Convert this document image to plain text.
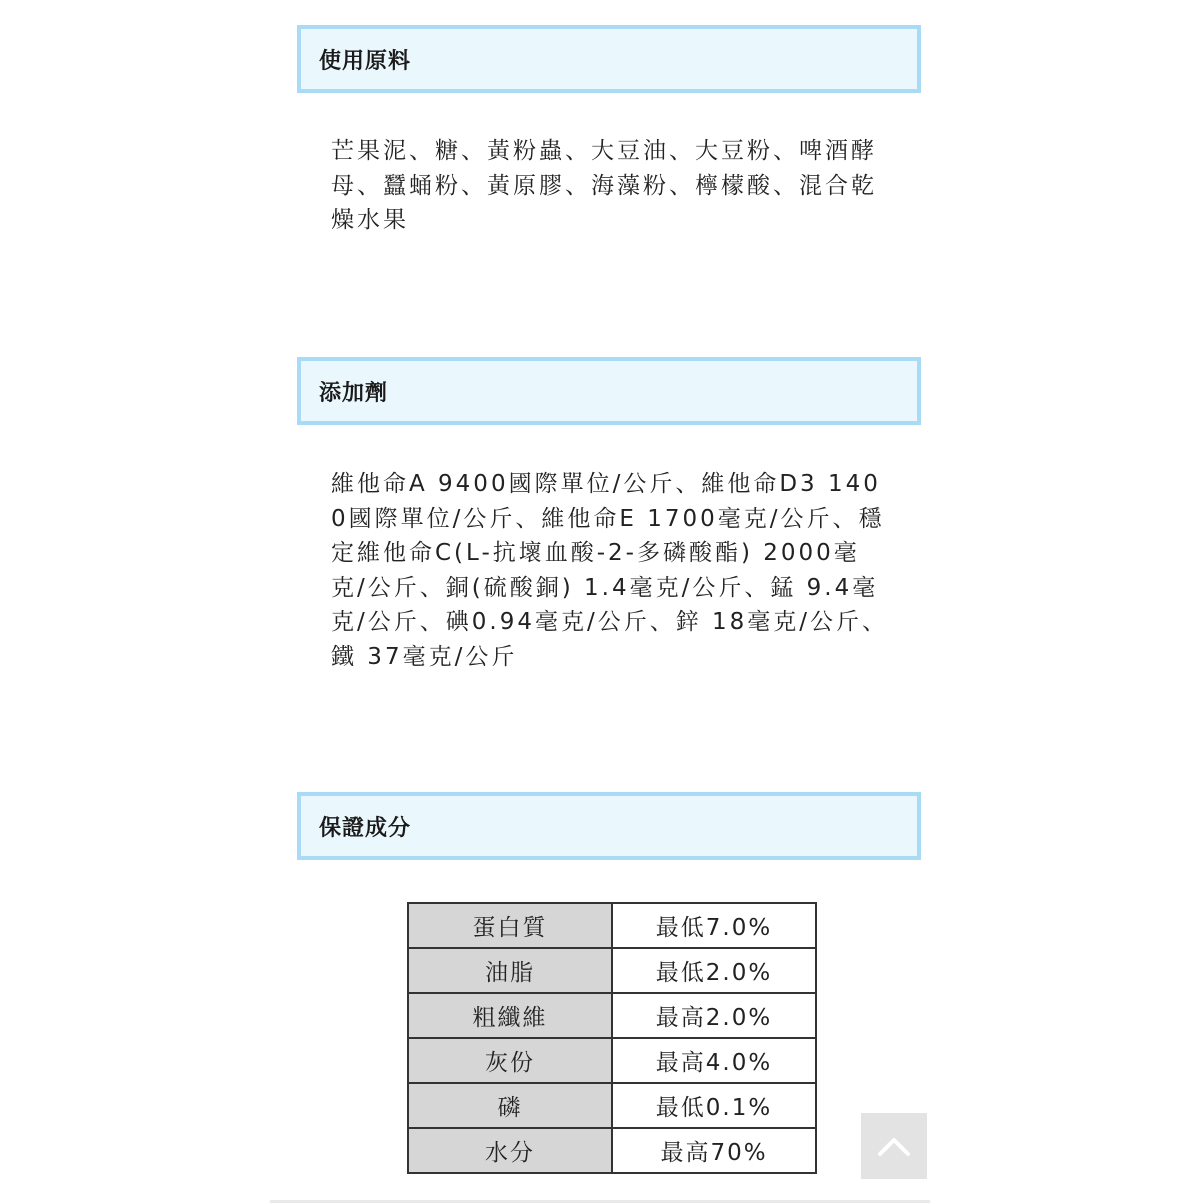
使用原料
芒果泥、糖、黃粉蟲、大豆油、大豆粉、啤酒酵母、蠶蛹粉、黃原膠、海藻粉、檸檬酸、混合乾燥水果
添加劑
維他命A 9400國際單位/公斤、維他命D3 1400國際單位/公斤、維他命E 1700毫克/公斤、穩定維他命C(L-抗壞血酸-2-多磷酸酯) 2000毫克/公斤、銅(硫酸銅) 1.4毫克/公斤、錳 9.4毫克/公斤、碘0.94毫克/公斤、鋅 18毫克/公斤、鐵 37毫克/公斤
保證成分
蛋白質	最低7.0%
油脂	最低2.0%
粗纖維	最高2.0%
灰份	最高4.0%
磷	最低0.1%
水分	最高70%
